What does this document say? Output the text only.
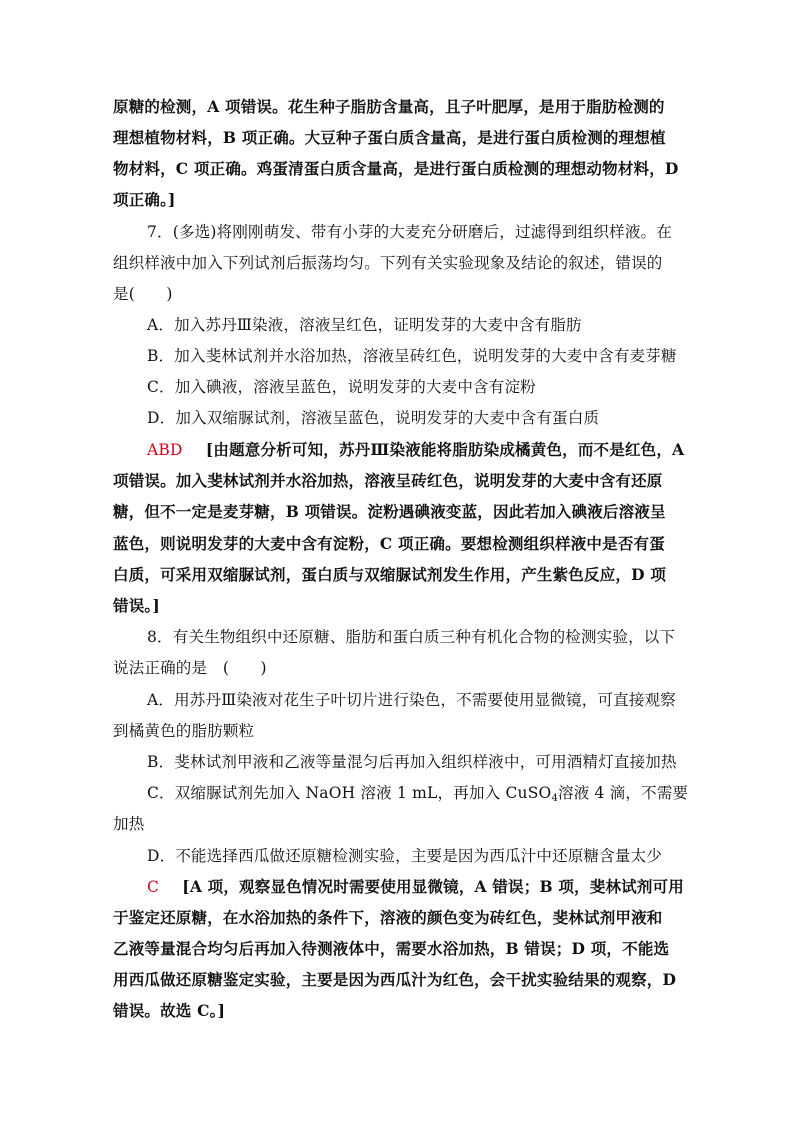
原糖的检测，A 项错误。花生种子脂肪含量高，且子叶肥厚，是用于脂肪检测的
理想植物材料，B 项正确。大豆种子蛋白质含量高，是进行蛋白质检测的理想植
物材料，C 项正确。鸡蛋清蛋白质含量高，是进行蛋白质检测的理想动物材料，D
项正确。]
7．(多选)将刚刚萌发、带有小芽的大麦充分研磨后，过滤得到组织样液。在
组织样液中加入下列试剂后振荡均匀。下列有关实验现象及结论的叙述，错误的
是(　　)
A．加入苏丹Ⅲ染液，溶液呈红色，证明发芽的大麦中含有脂肪
B．加入斐林试剂并水浴加热，溶液呈砖红色，说明发芽的大麦中含有麦芽糖
C．加入碘液，溶液呈蓝色，说明发芽的大麦中含有淀粉
D．加入双缩脲试剂，溶液呈蓝色，说明发芽的大麦中含有蛋白质
ABD [由题意分析可知，苏丹Ⅲ染液能将脂肪染成橘黄色，而不是红色，A
项错误。加入斐林试剂并水浴加热，溶液呈砖红色，说明发芽的大麦中含有还原
糖，但不一定是麦芽糖，B 项错误。淀粉遇碘液变蓝，因此若加入碘液后溶液呈
蓝色，则说明发芽的大麦中含有淀粉，C 项正确。要想检测组织样液中是否有蛋
白质，可采用双缩脲试剂，蛋白质与双缩脲试剂发生作用，产生紫色反应，D 项
错误。]
8．有关生物组织中还原糖、脂肪和蛋白质三种有机化合物的检测实验，以下
说法正确的是　(　　)
A．用苏丹Ⅲ染液对花生子叶切片进行染色，不需要使用显微镜，可直接观察
到橘黄色的脂肪颗粒
B．斐林试剂甲液和乙液等量混匀后再加入组织样液中，可用酒精灯直接加热
C．双缩脲试剂先加入 NaOH 溶液 1 mL，再加入 CuSO$_4$溶液 4 滴，不需要
加热
D．不能选择西瓜做还原糖检测实验，主要是因为西瓜汁中还原糖含量太少
C [A 项，观察显色情况时需要使用显微镜，A 错误；B 项，斐林试剂可用
于鉴定还原糖，在水浴加热的条件下，溶液的颜色变为砖红色，斐林试剂甲液和
乙液等量混合均匀后再加入待测液体中，需要水浴加热，B 错误；D 项，不能选
用西瓜做还原糖鉴定实验，主要是因为西瓜汁为红色，会干扰实验结果的观察，D
错误。故选 C。]
